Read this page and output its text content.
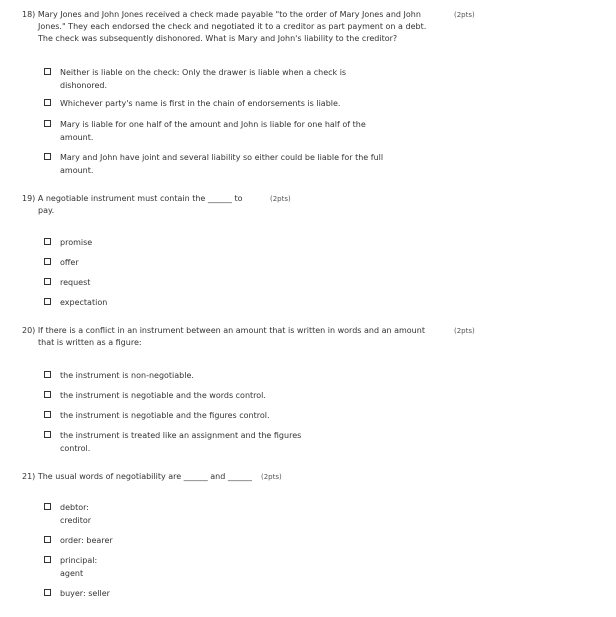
18) Mary Jones and John Jones received a check made payable "to the order of Mary Jones and John
Jones." They each endorsed the check and negotiated it to a creditor as part payment on a debt.
The check was subsequently dishonored. What is Mary and John's liability to the creditor?
(2pts)
Neither is liable on the check: Only the drawer is liable when a check is
dishonored.
Whichever party's name is first in the chain of endorsements is liable.
Mary is liable for one half of the amount and John is liable for one half of the
amount.
Mary and John have joint and several liability so either could be liable for the full
amount.
19) A negotiable instrument must contain the ______ to
pay.
(2pts)
promise
offer
request
expectation
20) If there is a conflict in an instrument between an amount that is written in words and an amount
that is written as a figure:
(2pts)
the instrument is non-negotiable.
the instrument is negotiable and the words control.
the instrument is negotiable and the figures control.
the instrument is treated like an assignment and the figures
control.
21) The usual words of negotiability are ______ and ______ (2pts)
debtor:
creditor
order: bearer
principal:
agent
buyer: seller
